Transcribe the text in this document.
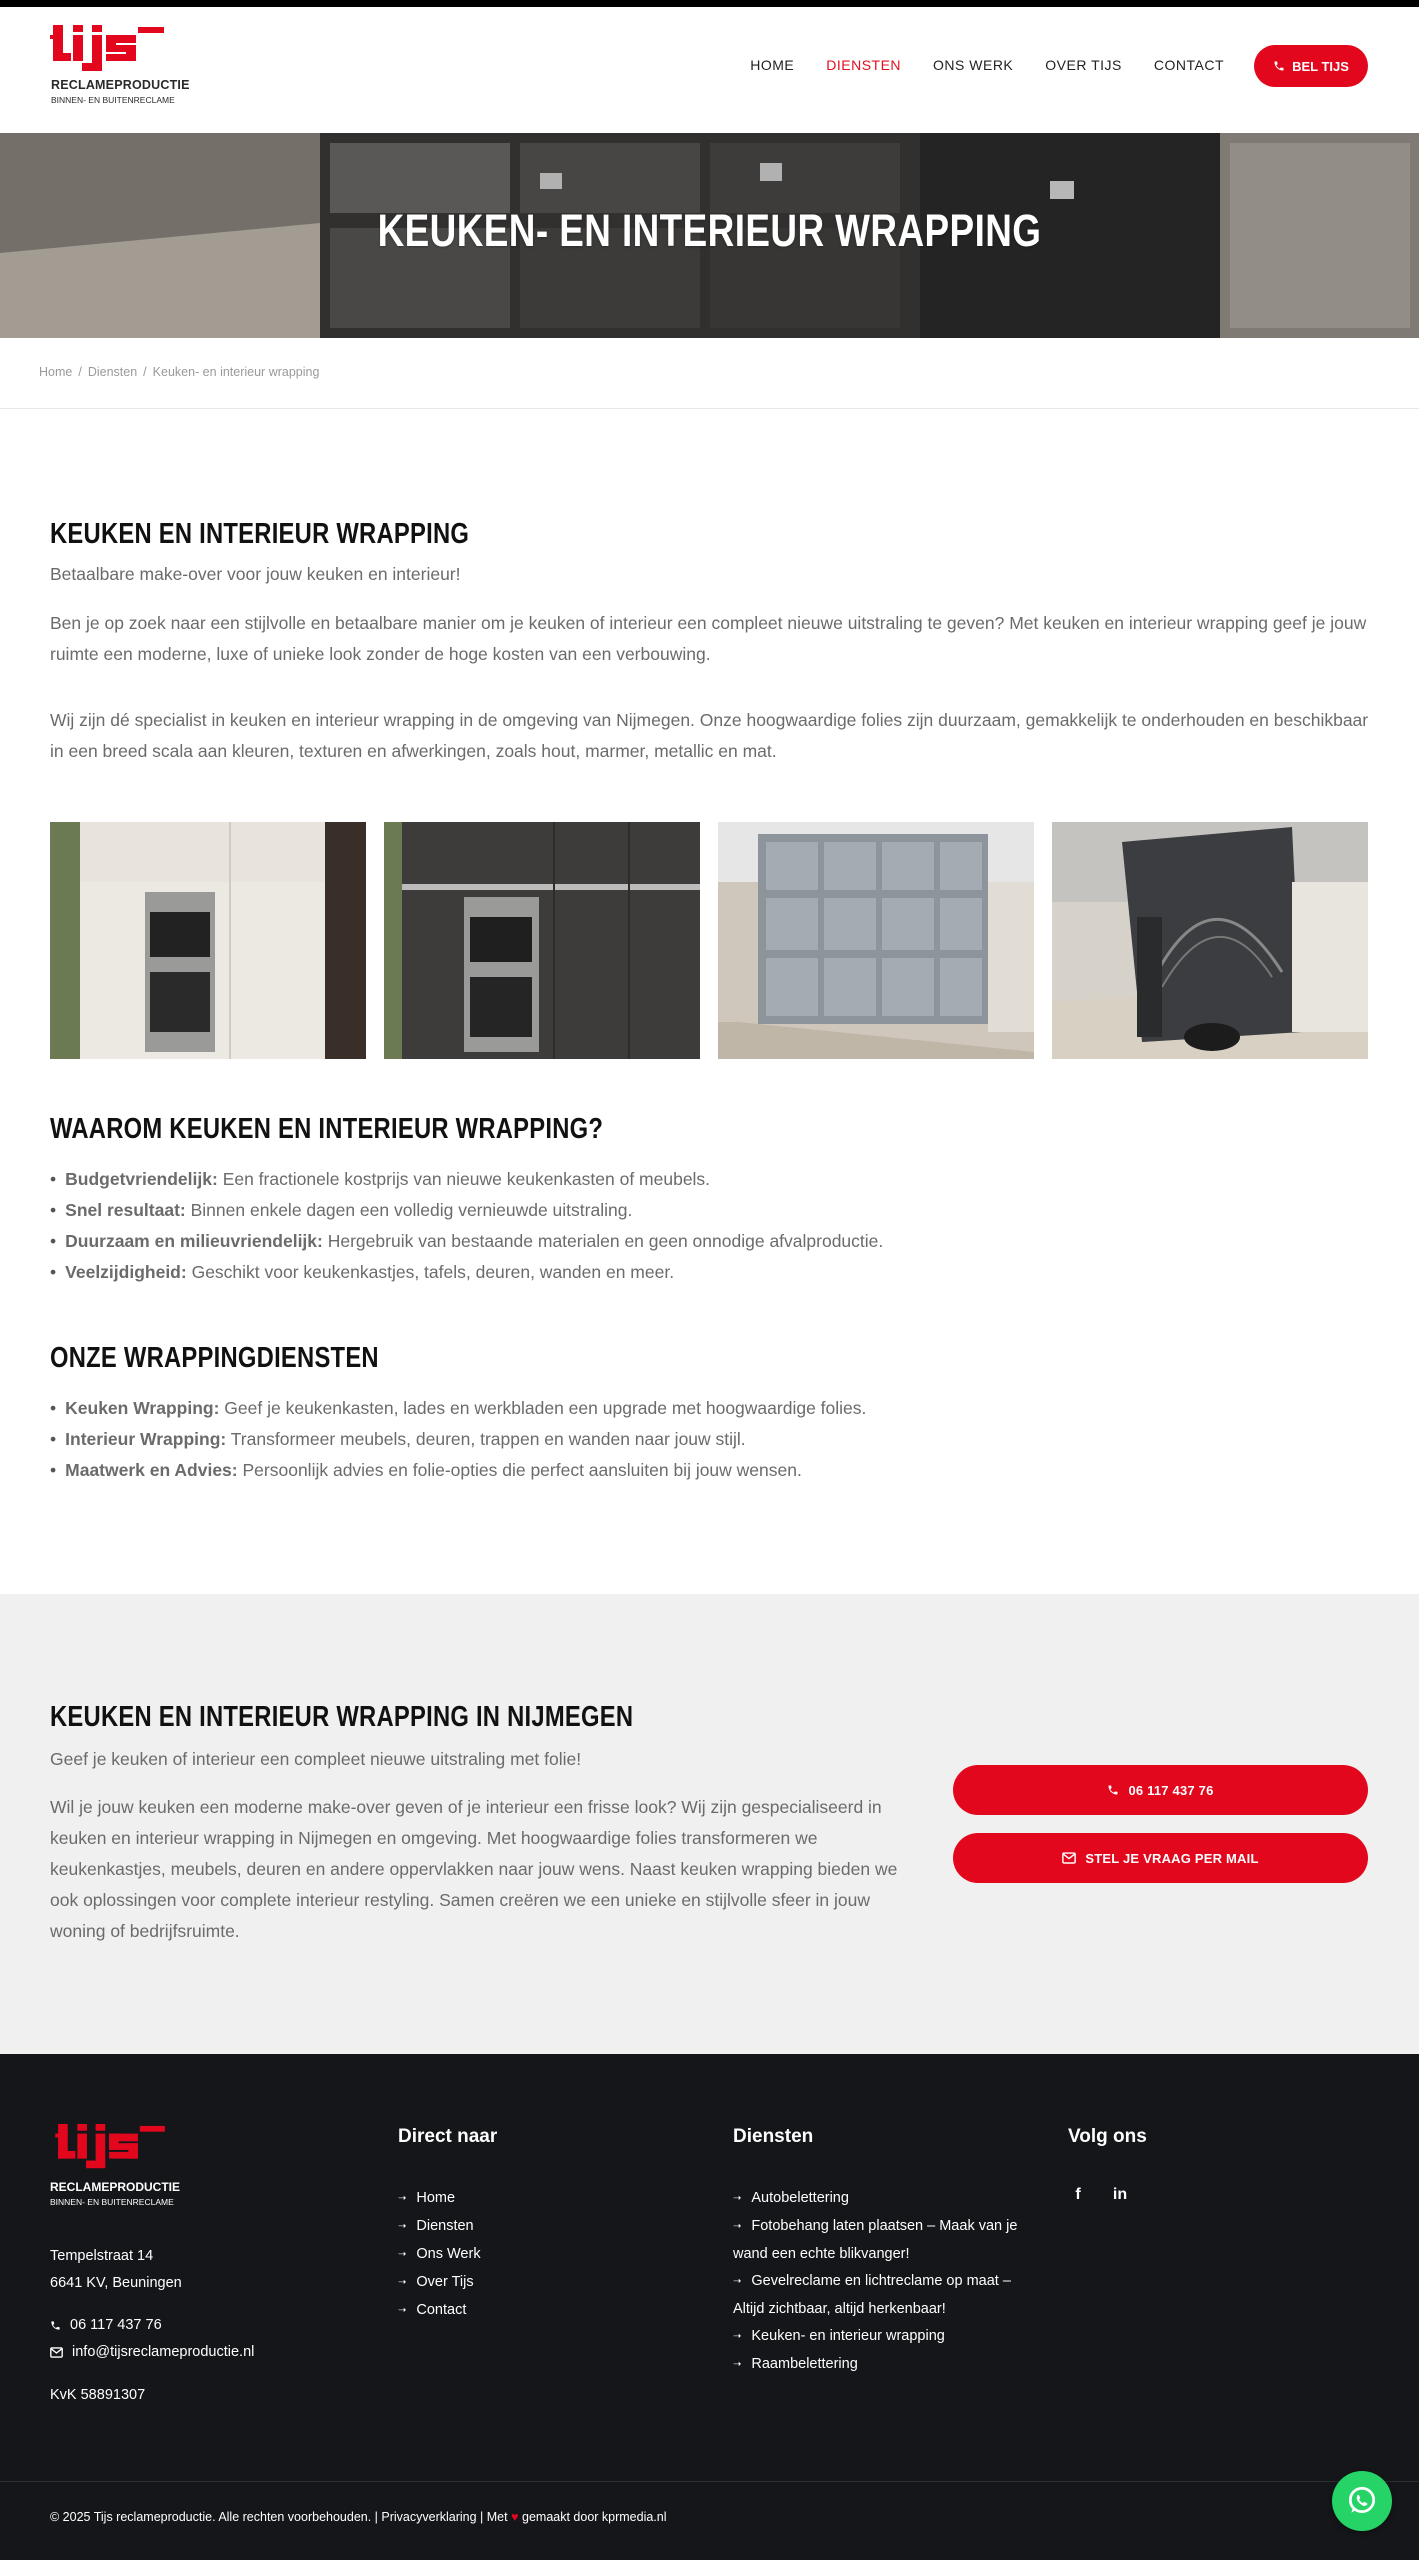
RECLAMEPRODUCTIE
BINNEN- EN BUITENRECLAME
HOME DIENSTEN ONS WERK OVER TIJS CONTACT	BEL TIJS
KEUKEN- EN INTERIEUR WRAPPING
Home / Diensten / Keuken- en interieur wrapping
KEUKEN EN INTERIEUR WRAPPING

Betaalbare make-over voor jouw keuken en interieur!

Ben je op zoek naar een stijlvolle en betaalbare manier om je keuken of interieur een compleet nieuwe uitstraling te geven? Met keuken en interieur wrapping geef je jouw ruimte een moderne, luxe of unieke look zonder de hoge kosten van een verbouwing.

Wij zijn dé specialist in keuken en interieur wrapping in de omgeving van Nijmegen. Onze hoogwaardige folies zijn duurzaam, gemakkelijk te onderhouden en beschikbaar in een breed scala aan kleuren, texturen en afwerkingen, zoals hout, marmer, metallic en mat.

WAAROM KEUKEN EN INTERIEUR WRAPPING?
• Budgetvriendelijk: Een fractionele kostprijs van nieuwe keukenkasten of meubels.
• Snel resultaat: Binnen enkele dagen een volledig vernieuwde uitstraling.
• Duurzaam en milieuvriendelijk: Hergebruik van bestaande materialen en geen onnodige afvalproductie.
• Veelzijdigheid: Geschikt voor keukenkastjes, tafels, deuren, wanden en meer.
ONZE WRAPPINGDIENSTEN
• Keuken Wrapping: Geef je keukenkasten, lades en werkbladen een upgrade met hoogwaardige folies.
• Interieur Wrapping: Transformeer meubels, deuren, trappen en wanden naar jouw stijl.
• Maatwerk en Advies: Persoonlijk advies en folie-opties die perfect aansluiten bij jouw wensen.
KEUKEN EN INTERIEUR WRAPPING IN NIJMEGEN

Geef je keuken of interieur een compleet nieuwe uitstraling met folie!

Wil je jouw keuken een moderne make-over geven of je interieur een frisse look? Wij zijn gespecialiseerd in keuken en interieur wrapping in Nijmegen en omgeving. Met hoogwaardige folies transformeren we keukenkastjes, meubels, deuren en andere oppervlakken naar jouw wens. Naast keuken wrapping bieden we ook oplossingen voor complete interieur restyling. Samen creëren we een unieke en stijlvolle sfeer in jouw woning of bedrijfsruimte.

06 117 437 76
STEL JE VRAAG PER MAIL
RECLAMEPRODUCTIE
BINNEN- EN BUITENRECLAME
Tempelstraat 14
6641 KV, Beuningen
06 117 437 76
info@tijsreclameproductie.nl
KvK 58891307
Direct naar
➝ Home
➝ Diensten
➝ Ons Werk
➝ Over Tijs
➝ Contact
Diensten
➝ Autobelettering
➝ Fotobehang laten plaatsen – Maak van je wand een echte blikvanger!
➝ Gevelreclame en lichtreclame op maat – Altijd zichtbaar, altijd herkenbaar!
➝ Keuken- en interieur wrapping
➝ Raambelettering
Volg ons
f	in

© 2025 Tijs reclameproductie. Alle rechten voorbehouden. | Privacyverklaring | Met ♥ gemaakt door kprmedia.nl
